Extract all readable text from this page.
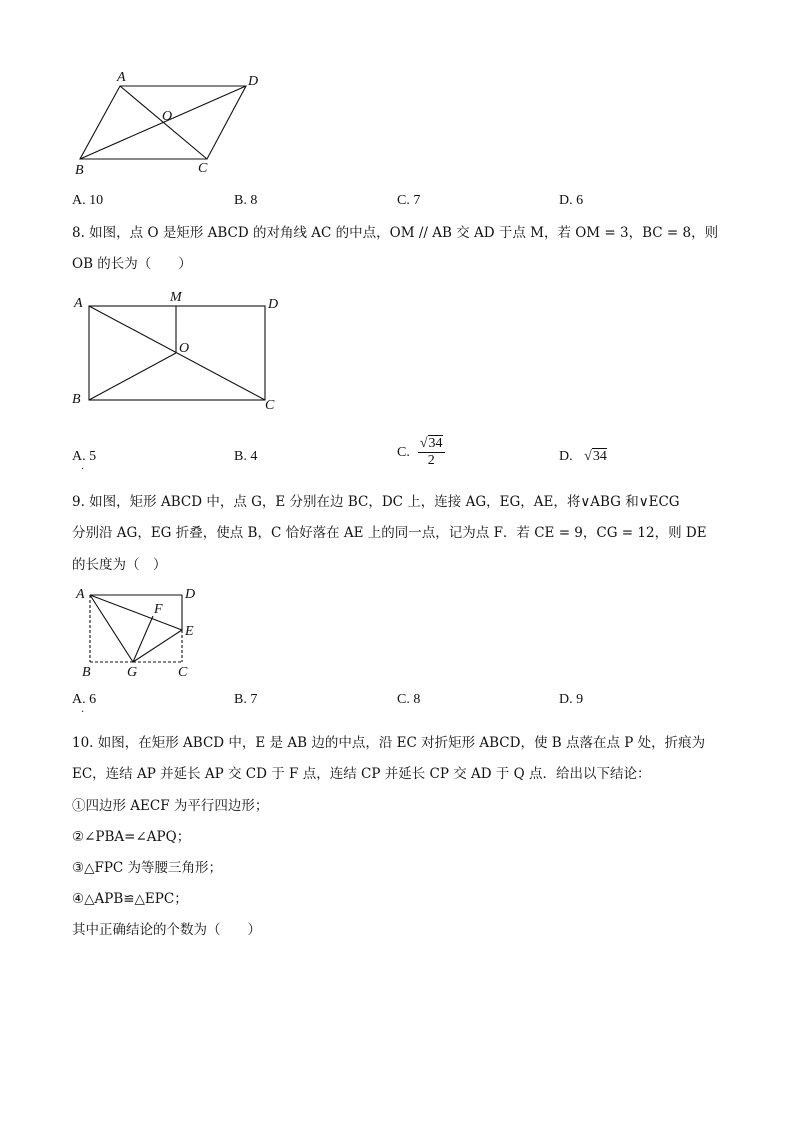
A	D
O
B	C
A. 10	B. 8	C. 7	D. 6
8. 如图，点 O 是矩形 ABCD 的对角线 AC 的中点，OM // AB 交 AD 于点 M，若 OM = 3，BC = 8，则
OB 的长为（　　）
A	M	D
O
B	C
A. 5
.
B. 4	C. $\frac{√34}{2}$	D. √34
9. 如图，矩形 ABCD 中，点 G，E 分别在边 BC，DC 上，连接 AG，EG，AE，将∨ABG 和∨ECG
分别沿 AG，EG 折叠，使点 B，C 恰好落在 AE 上的同一点，记为点 F．若 CE = 9，CG = 12，则 DE
的长度为（　）
A	D
F
E
B	G	C
A. 6
.
B. 7	C. 8	D. 9
10. 如图，在矩形 ABCD 中，E 是 AB 边的中点，沿 EC 对折矩形 ABCD，使 B 点落在点 P 处，折痕为
EC，连结 AP 并延长 AP 交 CD 于 F 点，连结 CP 并延长 CP 交 AD 于 Q 点．给出以下结论：
①四边形 AECF 为平行四边形；
②∠PBA=∠APQ；
③△FPC 为等腰三角形；
④△APB≌△EPC；
其中正确结论的个数为（　　）
